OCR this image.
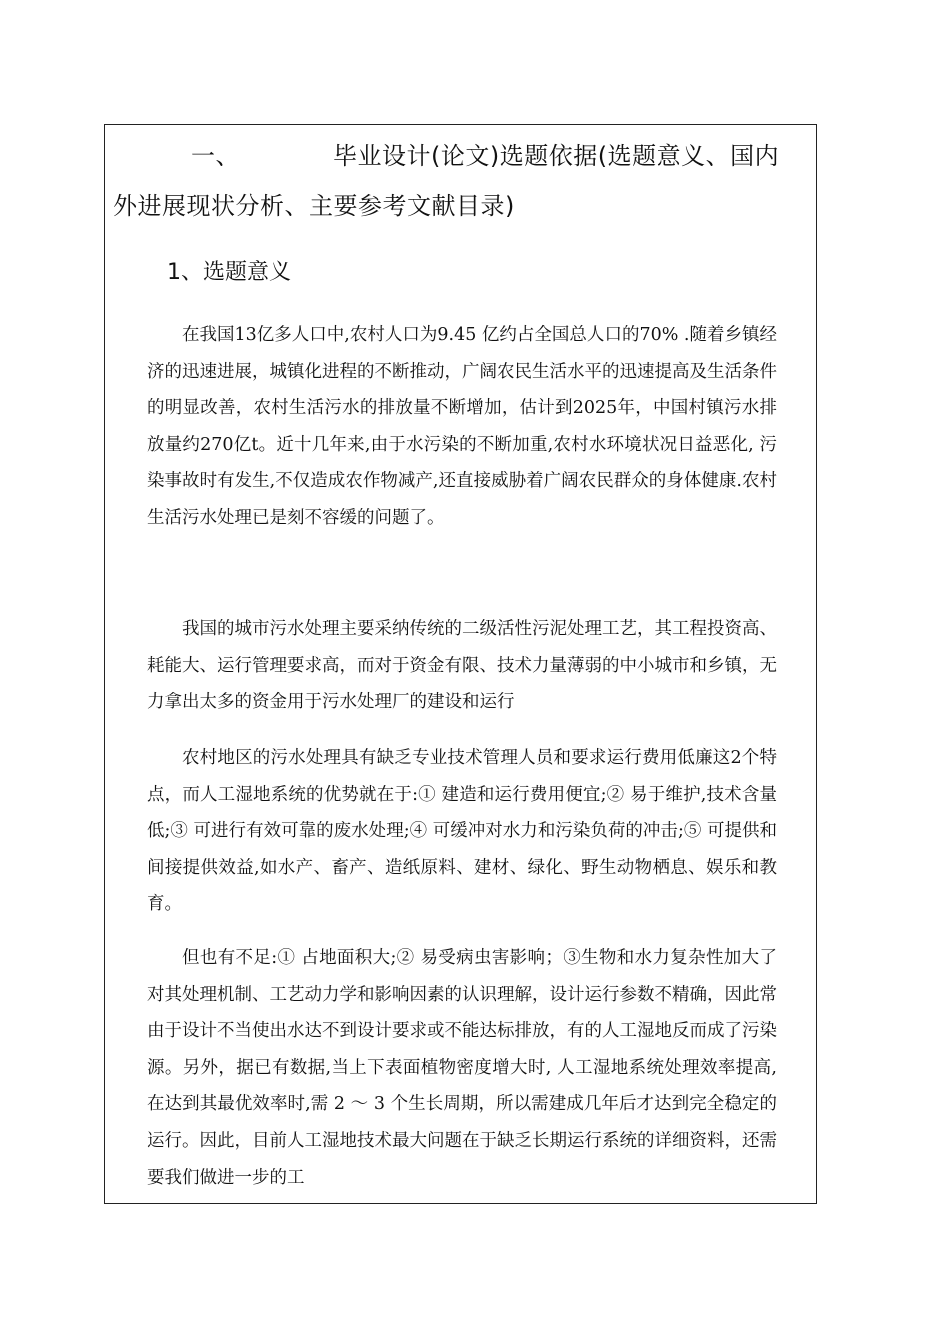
一、	毕业设计(论文)选题依据(选题意义、国内外进展现状分析、主要参考文献目录)
1、选题意义
在我国13亿多人口中,农村人口为9.45 亿约占全国总人口的70% .随着乡镇经济的迅速进展，城镇化进程的不断推动，广阔农民生活水平的迅速提高及生活条件的明显改善，农村生活污水的排放量不断增加，估计到2025年，中国村镇污水排放量约270亿t。近十几年来,由于水污染的不断加重,农村水环境状况日益恶化, 污染事故时有发生,不仅造成农作物减产,还直接威胁着广阔农民群众的身体健康.农村生活污水处理已是刻不容缓的问题了。
我国的城市污水处理主要采纳传统的二级活性污泥处理工艺，其工程投资高、耗能大、运行管理要求高，而对于资金有限、技术力量薄弱的中小城市和乡镇，无力拿出太多的资金用于污水处理厂的建设和运行
农村地区的污水处理具有缺乏专业技术管理人员和要求运行费用低廉这2个特点，而人工湿地系统的优势就在于:① 建造和运行费用便宜;② 易于维护,技术含量低;③ 可进行有效可靠的废水处理;④ 可缓冲对水力和污染负荷的冲击;⑤ 可提供和间接提供效益,如水产、畜产、造纸原料、建材、绿化、野生动物栖息、娱乐和教育。
但也有不足:① 占地面积大;② 易受病虫害影响；③生物和水力复杂性加大了对其处理机制、工艺动力学和影响因素的认识理解，设计运行参数不精确，因此常由于设计不当使出水达不到设计要求或不能达标排放，有的人工湿地反而成了污染源。另外，据已有数据,当上下表面植物密度增大时, 人工湿地系统处理效率提高,在达到其最优效率时,需 2 ～ 3 个生长周期，所以需建成几年后才达到完全稳定的运行。因此，目前人工湿地技术最大问题在于缺乏长期运行系统的详细资料，还需要我们做进一步的工
